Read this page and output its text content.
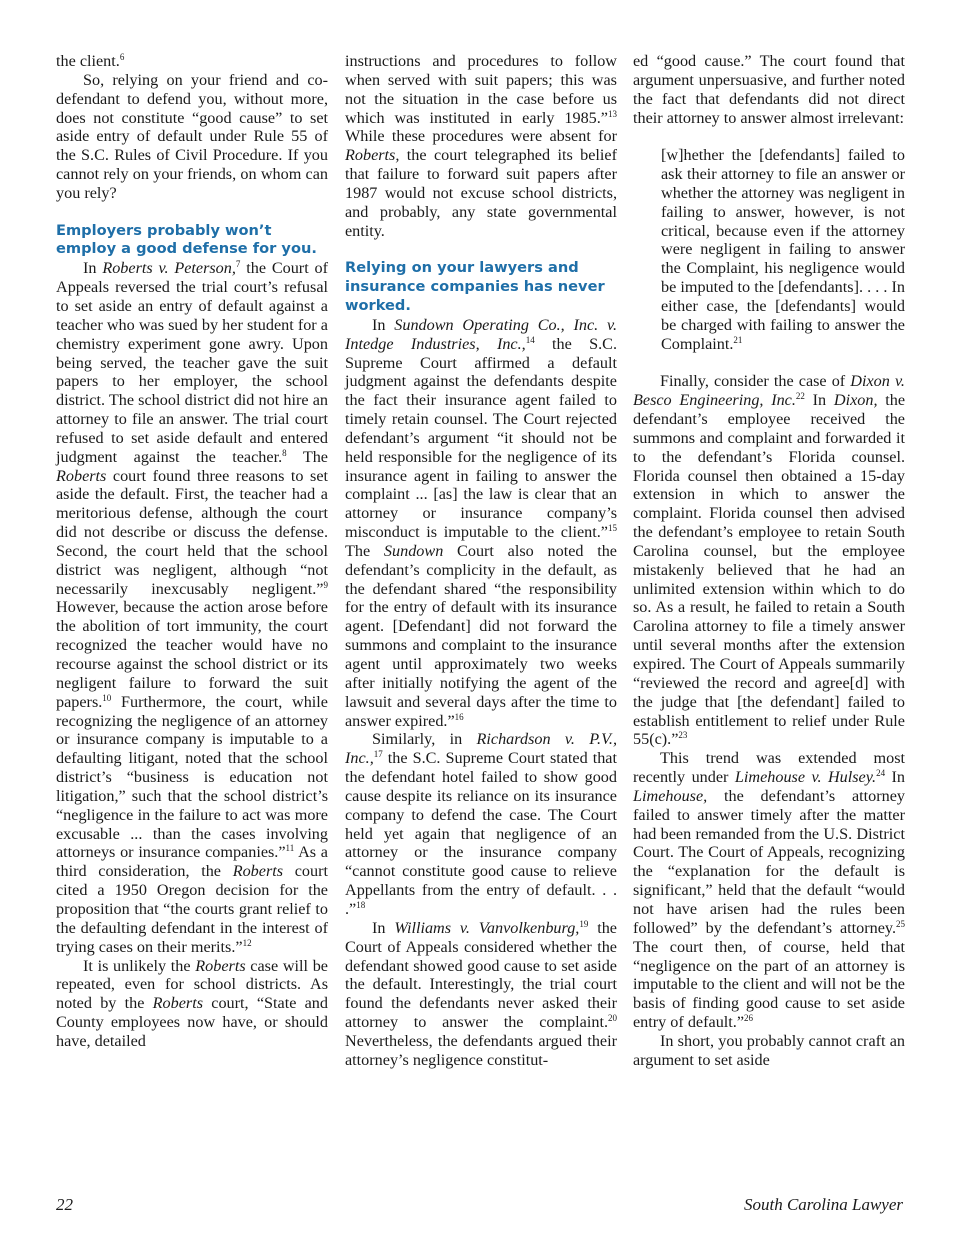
the client.$^6$

So, relying on your friend and co-defendant to defend you, without more, does not constitute “good cause” to set aside entry of default under Rule 55 of the S.C. Rules of Civil Procedure. If you cannot rely on your friends, on whom can you rely?

Employers probably won’t employ a good defense for you.

In Roberts v. Peterson,$^7$ the Court of Appeals reversed the trial court’s refusal to set aside an entry of default against a teacher who was sued by her student for a chemistry experiment gone awry. Upon being served, the teacher gave the suit papers to her employer, the school district. The school district did not hire an attorney to file an answer. The trial court refused to set aside default and entered judgment against the teacher.$^8$ The Roberts court found three reasons to set aside the default. First, the teacher had a meritorious defense, although the court did not describe or discuss the defense. Second, the court held that the school district was negligent, although “not necessarily inexcusably negligent.”$^9$ However, because the action arose before the abolition of tort immunity, the court recognized the teacher would have no recourse against the school district or its negligent failure to forward the suit papers.$^{10}$ Furthermore, the court, while recognizing the negligence of an attorney or insurance company is imputable to a defaulting litigant, noted that the school district’s “business is education not litigation,” such that the school district’s “negligence in the failure to act was more excusable ... than the cases involving attorneys or insurance companies.”$^{11}$ As a third consideration, the Roberts court cited a 1950 Oregon decision for the proposition that “the courts grant relief to the defaulting defendant in the interest of trying cases on their merits.”$^{12}$

It is unlikely the Roberts case will be repeated, even for school districts. As noted by the Roberts court, “State and County employees now have, or should have, detailed

instructions and procedures to follow when served with suit papers; this was not the situation in the case before us which was instituted in early 1985.”$^{13}$ While these procedures were absent for Roberts, the court telegraphed its belief that failure to forward suit papers after 1987 would not excuse school districts, and probably, any state governmental entity.

Relying on your lawyers and insurance companies has never worked.

In Sundown Operating Co., Inc. v. Intedge Industries, Inc.,$^{14}$ the S.C. Supreme Court affirmed a default judgment against the defendants despite the fact their insurance agent failed to timely retain counsel. The Court rejected defendant’s argument “it should not be held responsible for the negligence of its insurance agent in failing to answer the complaint ... [as] the law is clear that an attorney or insurance company’s misconduct is imputable to the client.”$^{15}$ The Sundown Court also noted the defendant’s complicity in the default, as the defendant shared “the responsibility for the entry of default with its insurance agent. [Defendant] did not forward the summons and complaint to the insurance agent until approximately two weeks after initially notifying the agent of the lawsuit and several days after the time to answer expired.”$^{16}$

Similarly, in Richardson v. P.V., Inc.,$^{17}$ the S.C. Supreme Court stated that the defendant hotel failed to show good cause despite its reliance on its insurance company to defend the case. The Court held yet again that negligence of an attorney or the insurance company “cannot constitute good cause to relieve Appellants from the entry of default. . . .”$^{18}$

In Williams v. Vanvolkenburg,$^{19}$ the Court of Appeals considered whether the defendant showed good cause to set aside the default. Interestingly, the trial court found the defendants never asked their attorney to answer the complaint.$^{20}$ Nevertheless, the defendants argued their attorney’s negligence constitut-

ed “good cause.” The court found that argument unpersuasive, and further noted the fact that defendants did not direct their attorney to answer almost irrelevant:

[w]hether the [defendants] failed to ask their attorney to file an answer or whether the attorney was negligent in failing to answer, however, is not critical, because even if the attorney were negligent in failing to answer the Complaint, his negligence would be imputed to the [defendants]. . . . In either case, the [defendants] would be charged with failing to answer the Complaint.$^{21}$

Finally, consider the case of Dixon v. Besco Engineering, Inc.$^{22}$ In Dixon, the defendant’s employee received the summons and complaint and forwarded it to the defendant’s Florida counsel. Florida counsel then obtained a 15-day extension in which to answer the complaint. Florida counsel then advised the defendant’s employee to retain South Carolina counsel, but the employee mistakenly believed that he had an unlimited extension within which to do so. As a result, he failed to retain a South Carolina attorney to file a timely answer until several months after the extension expired. The Court of Appeals summarily “reviewed the record and agree[d] with the judge that [the defendant] failed to establish entitlement to relief under Rule 55(c).”$^{23}$

This trend was extended most recently under Limehouse v. Hulsey.$^{24}$ In Limehouse, the defendant’s attorney failed to answer timely after the matter had been remanded from the U.S. District Court. The Court of Appeals, recognizing the “explanation for the default is significant,” held that the default “would not have arisen had the rules been followed” by the defendant’s attorney.$^{25}$ The court then, of course, held that “negligence on the part of an attorney is imputable to the client and will not be the basis of finding good cause to set aside entry of default.”$^{26}$

In short, you probably cannot craft an argument to set aside

22	South Carolina Lawyer
